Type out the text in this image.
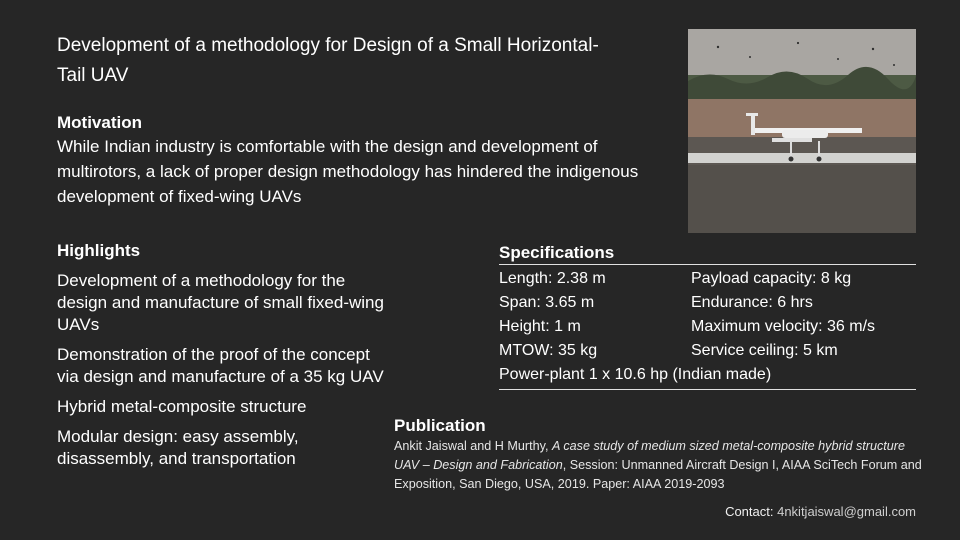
Development of a methodology for Design of a Small Horizontal-Tail UAV
Motivation
While Indian industry is comfortable with the design and development of multirotors, a lack of proper design methodology has hindered the indigenous development of fixed-wing UAVs
Highlights
Development of a methodology for the design and manufacture of small fixed-wing UAVs
Demonstration of the proof of the concept via design and manufacture of a 35 kg UAV
Hybrid metal-composite structure
Modular design: easy assembly, disassembly, and transportation
Specifications
Length: 2.38 m	Payload capacity: 8 kg
Span: 3.65 m	Endurance: 6 hrs
Height: 1 m	Maximum velocity: 36 m/s
MTOW: 35 kg	Service ceiling: 5 km
Power-plant 1 x 10.6 hp (Indian made)
Publication
Ankit Jaiswal and H Murthy, A case study of medium sized metal-composite hybrid structure UAV – Design and Fabrication, Session: Unmanned Aircraft Design I, AIAA SciTech Forum and Exposition, San Diego, USA, 2019. Paper: AIAA 2019-2093
Contact: 4nkitjaiswal@gmail.com
